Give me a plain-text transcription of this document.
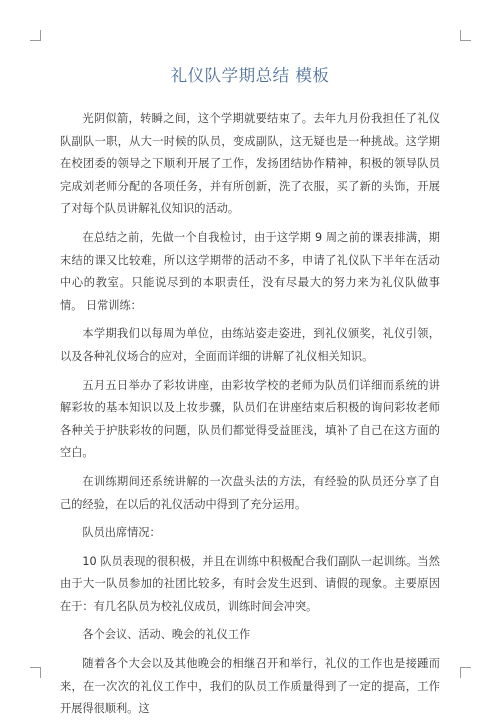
礼仪队学期总结 模板

光阴似箭，转瞬之间，这个学期就要结束了。去年九月份我担任了礼仪队副队一职，从大一时候的队员，变成副队，这无疑也是一种挑战。这学期在校团委的领导之下顺利开展了工作，发扬团结协作精神，积极的领导队员完成刘老师分配的各项任务，并有所创新，洗了衣服，买了新的头饰，开展了对每个队员讲解礼仪知识的活动。

在总结之前，先做一个自我检讨，由于这学期 9 周之前的课表排满，期末结的课又比较难，所以这学期带的活动不多，申请了礼仪队下半年在活动中心的教室。只能说尽到的本职责任，没有尽最大的努力来为礼仪队做事情。 日常训练：

本学期我们以每周为单位，由练站姿走姿进，到礼仪颁奖，礼仪引领，以及各种礼仪场合的应对，全面而详细的讲解了礼仪相关知识。

五月五日举办了彩妆讲座，由彩妆学校的老师为队员们详细而系统的讲解彩妆的基本知识以及上妆步骤，队员们在讲座结束后积极的询问彩妆老师各种关于护肤彩妆的问题，队员们都觉得受益匪浅，填补了自己在这方面的空白。

在训练期间还系统讲解的一次盘头法的方法，有经验的队员还分享了自己的经验，在以后的礼仪活动中得到了充分运用。

队员出席情况：

10 队员表现的很积极，并且在训练中积极配合我们副队一起训练。当然由于大一队员参加的社团比较多，有时会发生迟到、请假的现象。主要原因在于：有几名队员为校礼仪成员，训练时间会冲突。

各个会议、活动、晚会的礼仪工作

随着各个大会以及其他晚会的相继召开和举行，礼仪的工作也是接踵而来，在一次次的礼仪工作中，我们的队员工作质量得到了一定的提高，工作开展得很顺利。这
